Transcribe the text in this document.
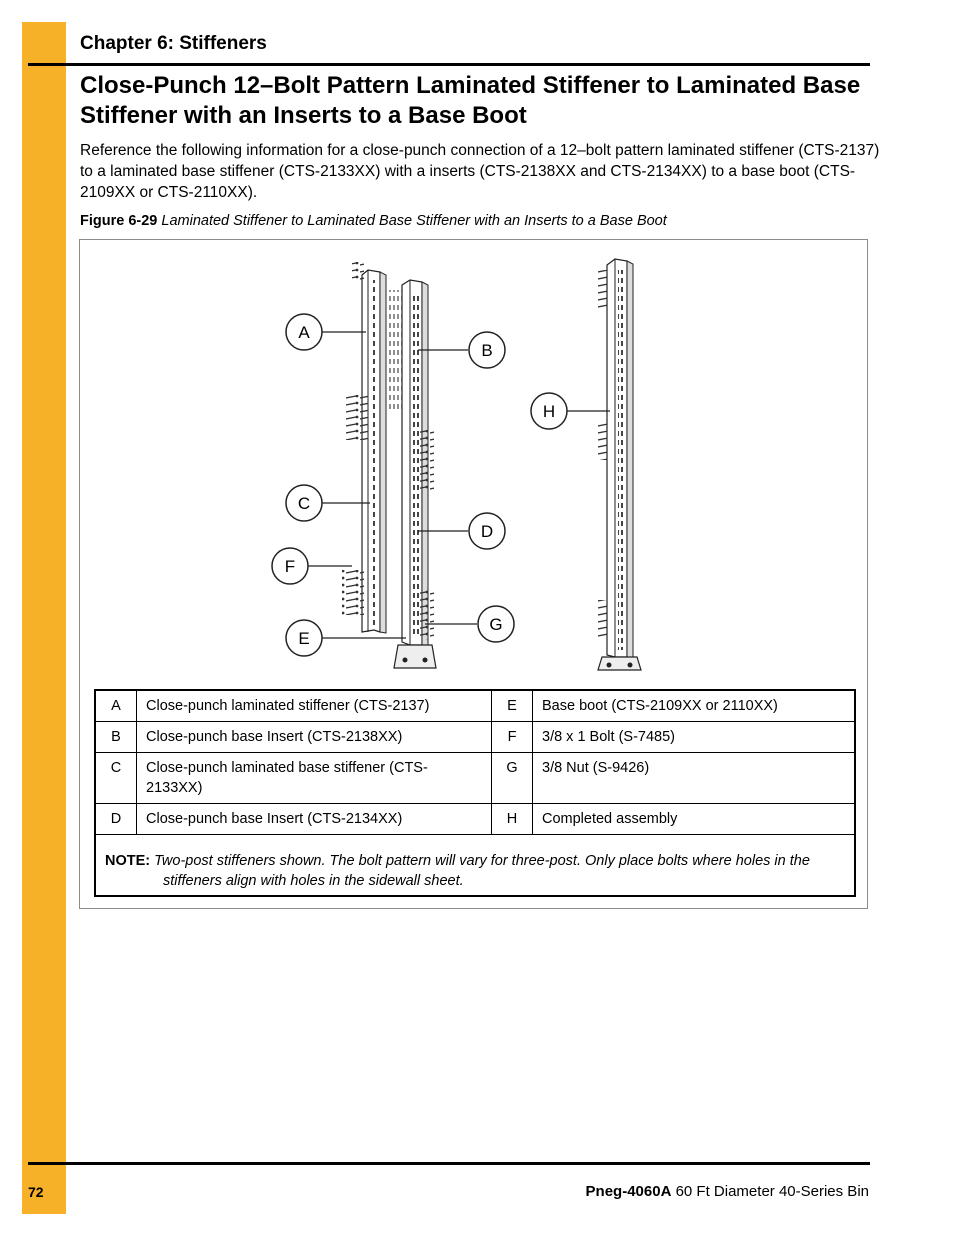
Chapter 6: Stiffeners
Close-Punch 12–Bolt Pattern Laminated Stiffener to Laminated Base Stiffener with an Inserts to a Base Boot
Reference the following information for a close-punch connection of a 12–bolt pattern laminated stiffener (CTS-2137) to a laminated base stiffener (CTS-2133XX) with a inserts (CTS-2138XX and CTS-2134XX) to a base boot (CTS-2109XX or CTS-2110XX).
Figure 6-29 Laminated Stiffener to Laminated Base Stiffener with an Inserts to a Base Boot
A
B
C
D
E
F
G
H
A	Close-punch laminated stiffener (CTS-2137)	E	Base boot (CTS-2109XX or 2110XX)
B	Close-punch base Insert (CTS-2138XX)	F	3/8 x 1 Bolt (S-7485)
C	Close-punch laminated base stiffener (CTS-2133XX)	G	3/8 Nut (S-9426)
D	Close-punch base Insert (CTS-2134XX)	H	Completed assembly

NOTE: Two-post stiffeners shown. The bolt pattern will vary for three-post. Only place bolts where holes in the stiffeners align with holes in the sidewall sheet.			
72	Pneg-4060A 60 Ft Diameter 40-Series Bin
